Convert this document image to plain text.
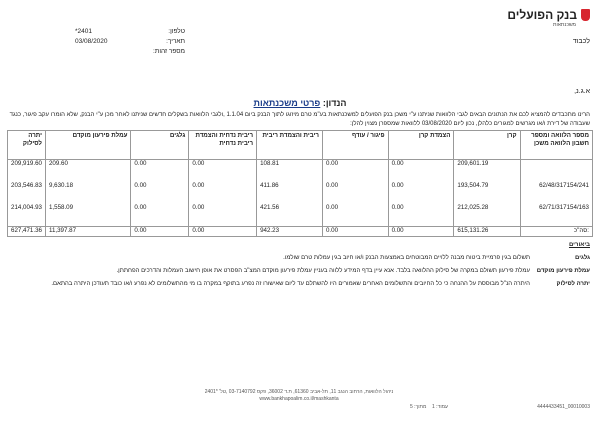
בנק הפועלים
משכנתאות
לכבוד
טלפון:
*2401
תאריך:
03/08/2020
מספר זהות:
א.ג.נ,
הנדון: פרטי משכנתאות
הרינו מתכבדים להמציא לכם את הנתונים הבאים לגבי הלוואות שניתנו ע"י משכן בנק הפועלים למשכנתאות בע"מ טרם מיזוגו לתוך הבנק ביום 1.1.04 ,ולגבי הלוואות בשקלים חדשים שניתנו לאחר מכן ע"י הבנק, שלא הומרו עקב פיגור, כנגד שעבודה של דירת ו/או מגרשים למגורים כלהלן, נכון ליום 03/08/2020 ללוואות שמספרן מצוין להלן:
מספר הלוואה ומספר חשבון הלוואה משכן	קרן	הצמדת קרן	פיגור / עודף	ריבית והצמדת ריבית	ריבית נדחית והצמדת ריבית נדחית	גלגים	עמלת פירעון מוקדם	יתרה לסילוק
	209,601.19	0.00	0.00	108.81	0.00	0.00	209.60	209,919.60
62/48/317154/241	193,504.79	0.00	0.00	411.86	0.00	0.00	9,630.18	203,546.83
62/71/317154/163	212,025.28	0.00	0.00	421.56	0.00	0.00	1,558.09	214,004.93
סה"כ:	615,131.26	0.00	0.00	942.23	0.00	0.00	11,397.87	627,471.36
ביאורים
גלגים
תשלום בגין פרמיית ביטוח מבנה ללויים המבוטחים באמצעות הבנק ו/או חיוב בגין עמלות טרם שולמו.
עמלת פירעון מוקדם
עמלת פירעון תשולם במקרה של סילוק ההלוואה בלבד. אנא עיין בדף המידע ללווה בעניין עמלת פירעון מוקדם המצ"ב הפסרט את אופן חישוב העמלות והדרכים הפחתתן.
יתרה לסילוק
היתרה הנ"ל מבוססת על ההנחה כי כל החיובים והתשלומים האחרים שאמורים היו להשתלם עד ליום שאישורו זה נפרע בתוקף במקרה בו מי מהתשלומים לא נפרע ו/או כובד תעודכן היתרה בהתאם.
ניהול הלוואות, הרחוב הנגב 11, תל-אביב 61360, ת.ד 36002, פקס 03-7140792 ,טל' *2401
www.bankhapoalim.co.il/mashkanta
עמוד: 1    מתוך: 5	4444433451_00010003
